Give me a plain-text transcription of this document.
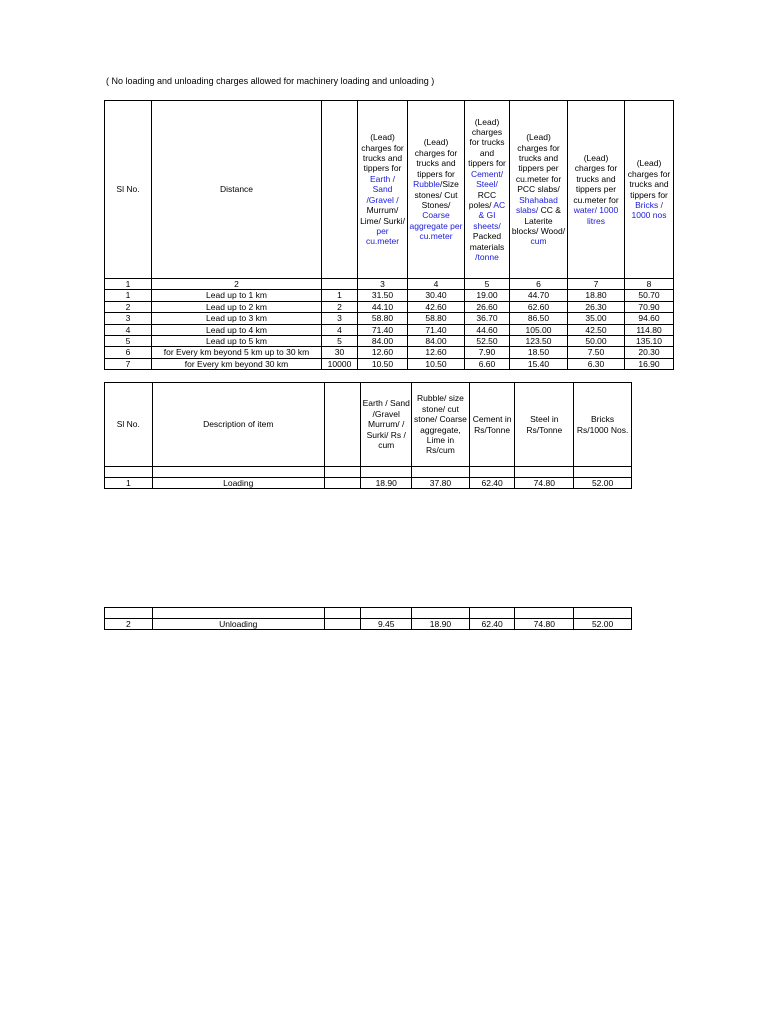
( No loading and unloading charges allowed for machinery loading and unloading )
Sl No.	Distance		(Lead) charges for trucks and tippers for Earth / Sand /Gravel / Murrum/ Lime/ Surki/ per cu.meter	(Lead) charges for trucks and tippers for Rubble/Size stones/ Cut Stones/ Coarse aggregate per cu.meter	(Lead) charges for trucks and tippers for Cement/ Steel/ RCC poles/ AC & GI sheets/ Packed materials /tonne	(Lead) charges for trucks and tippers per cu.meter for PCC slabs/ Shahabad slabs/ CC & Laterite blocks/ Wood/ cum	(Lead) charges for trucks and tippers per cu.meter for water/ 1000 litres	(Lead) charges for trucks and tippers for Bricks / 1000 nos
1	2		3	4	5	6	7	8
1	Lead up to 1 km	1	31.50	30.40	19.00	44.70	18.80	50.70
2	Lead up to 2 km	2	44.10	42.60	26.60	62.60	26.30	70.90
3	Lead up to 3 km	3	58.80	58.80	36.70	86.50	35.00	94.60
4	Lead up to 4 km	4	71.40	71.40	44.60	105.00	42.50	114.80
5	Lead up to 5 km	5	84.00	84.00	52.50	123.50	50.00	135.10
6	for Every km beyond 5 km up to 30 km	30	12.60	12.60	7.90	18.50	7.50	20.30
7	for Every km beyond 30 km	10000	10.50	10.50	6.60	15.40	6.30	16.90
Sl No.	Description of item		Earth / Sand /Gravel Murrum/ / Surki/ Rs / cum	Rubble/ size stone/ cut stone/ Coarse aggregate, Lime in Rs/cum	Cement in Rs/Tonne	Steel in Rs/Tonne	Bricks Rs/1000 Nos.

1	Loading		18.90	37.80	62.40	74.80	52.00

2	Unloading		9.45	18.90	62.40	74.80	52.00
